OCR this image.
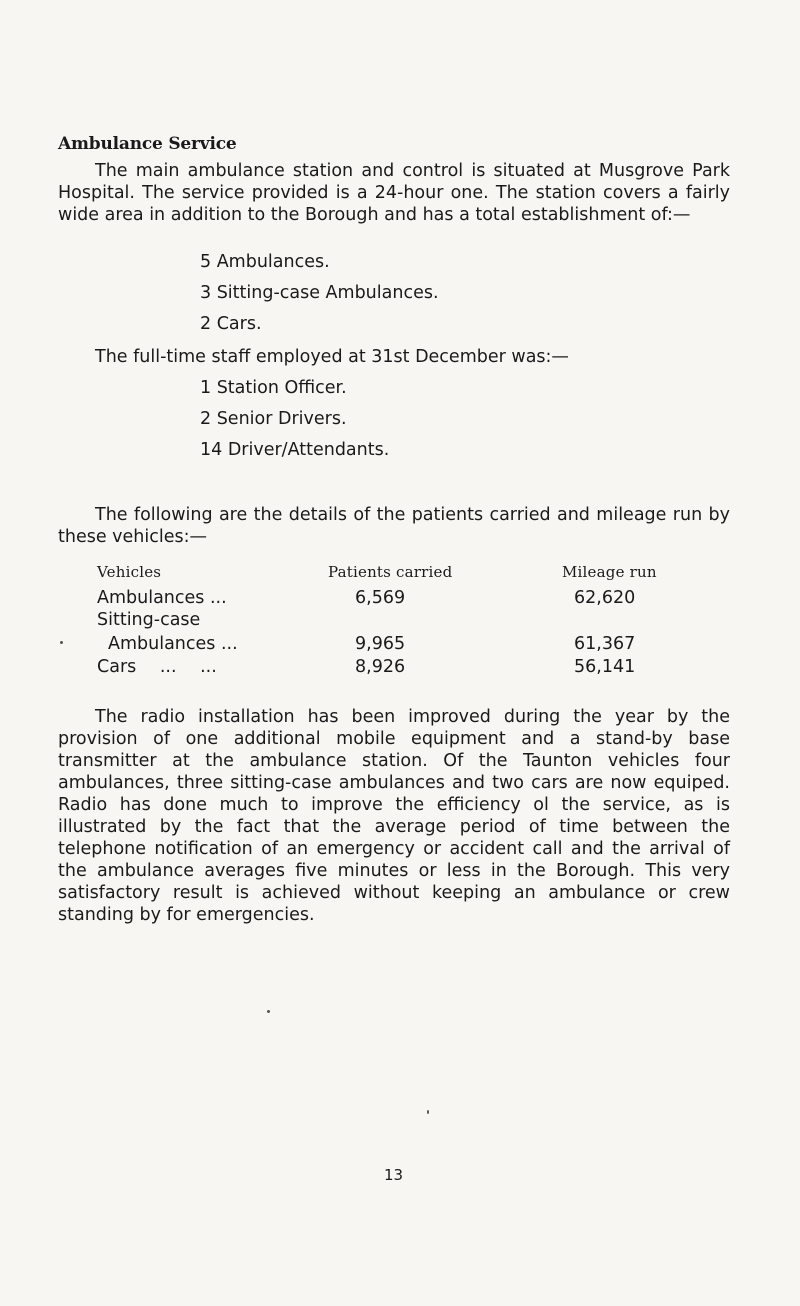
Ambulance Service
The main ambulance station and control is situated at Musgrove Park Hospital. The service provided is a 24-hour one. The station covers a fairly wide area in addition to the Borough and has a total establishment of:—
5 Ambulances.
3 Sitting-case Ambulances.
2 Cars.
The full-time staff employed at 31st December was:—
1 Station Officer.
2 Senior Drivers.
14 Driver/Attendants.
The following are the details of the patients carried and mileage run by these vehicles:—
Vehicles	Patients carried	Mileage run
Ambulances ...	6,569	62,620
Sitting-case
Ambulances ...	9,965	61,367
Cars ... ...	8,926	56,141
The radio installation has been improved during the year by the provision of one additional mobile equipment and a stand-by base transmitter at the ambulance station. Of the Taunton vehicles four ambulances, three sitting-case ambulances and two cars are now equiped. Radio has done much to improve the efficiency ol the service, as is illustrated by the fact that the average period of time between the telephone notification of an emergency or accident call and the arrival of the ambulance averages five minutes or less in the Borough. This very satisfactory result is achieved without keeping an ambulance or crew standing by for emergencies.
13
